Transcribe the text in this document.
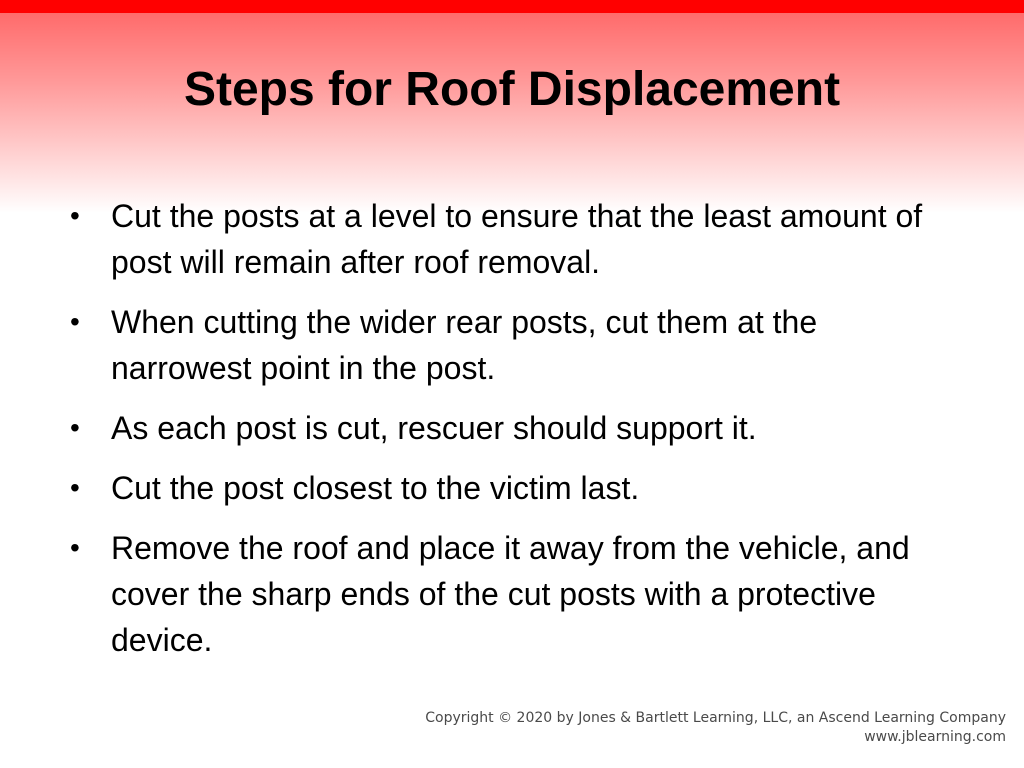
Steps for Roof Displacement
• Cut the posts at a level to ensure that the least amount of post will remain after roof removal.
• When cutting the wider rear posts, cut them at the narrowest point in the post.
• As each post is cut, rescuer should support it.
• Cut the post closest to the victim last.
• Remove the roof and place it away from the vehicle, and cover the sharp ends of the cut posts with a protective device.
Copyright © 2020 by Jones & Bartlett Learning, LLC, an Ascend Learning Company
www.jblearning.com
